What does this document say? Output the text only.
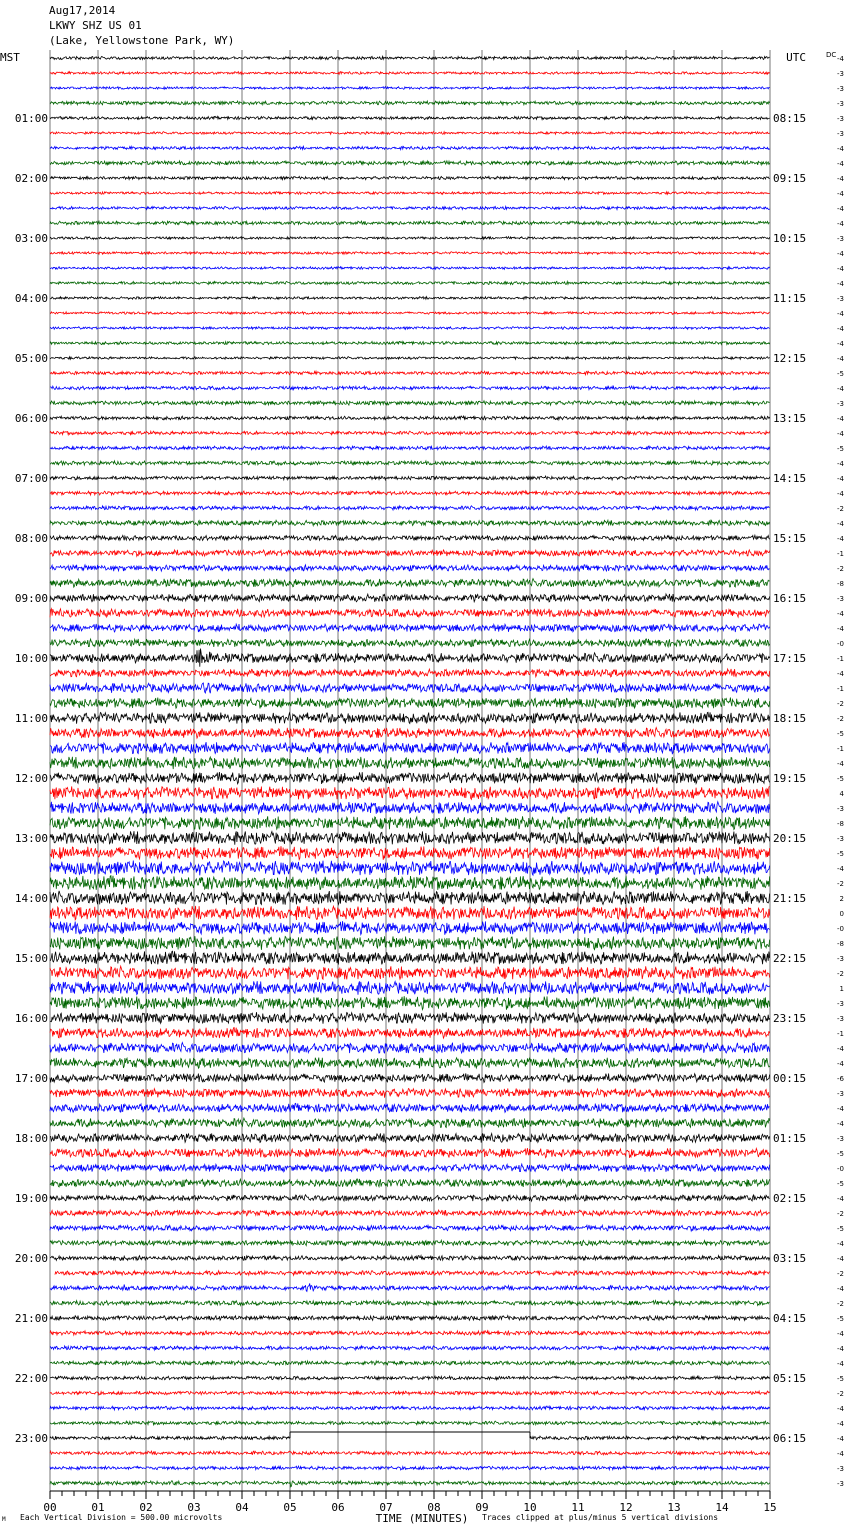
Aug17,2014
LKWY SHZ US 01
(Lake, Yellowstone Park, WY)
MST	UTC	DC
01:00
02:00
03:00
04:00
05:00
06:00
07:00
08:00
09:00
10:00
11:00
12:00
13:00
14:00
15:00
16:00
17:00
18:00
19:00
20:00
21:00
22:00
23:00
08:15
09:15
10:15
11:15
12:15
13:15
14:15
15:15
16:15
17:15
18:15
19:15
20:15
21:15
22:15
23:15
00:15
01:15
02:15
03:15
04:15
05:15
06:15
-4
-3
-3
-3
-3
-3
-4
-4
-4
-4
-4
-4
-3
-4
-4
-4
-3
-4
-4
-4
-4
-5
-4
-3
-4
-4
-5
-4
-4
-4
-2
-4
-4
-1
-2
-8
-3
-4
-4
-0
-1
-4
-1
-2
-2
-5
-1
-4
-5
4
-3
-8
-3
-5
-4
-2
2
0
-0
-8
-3
-2
1
-3
-3
-1
-4
-4
-6
-3
-4
-4
-3
-5
-0
-5
-4
-2
-5
-4
-4
-2
-4
-2
-5
-4
-4
-4
-5
-2
-4
-4
-4
-4
-3
-3
00	01	02	03	04	05	06	07	08	09	10	11	12	13	14	15
TIME (MINUTES)
Each Vertical Division = 500.00 microvolts	Traces clipped at plus/minus 5 vertical divisions
M
